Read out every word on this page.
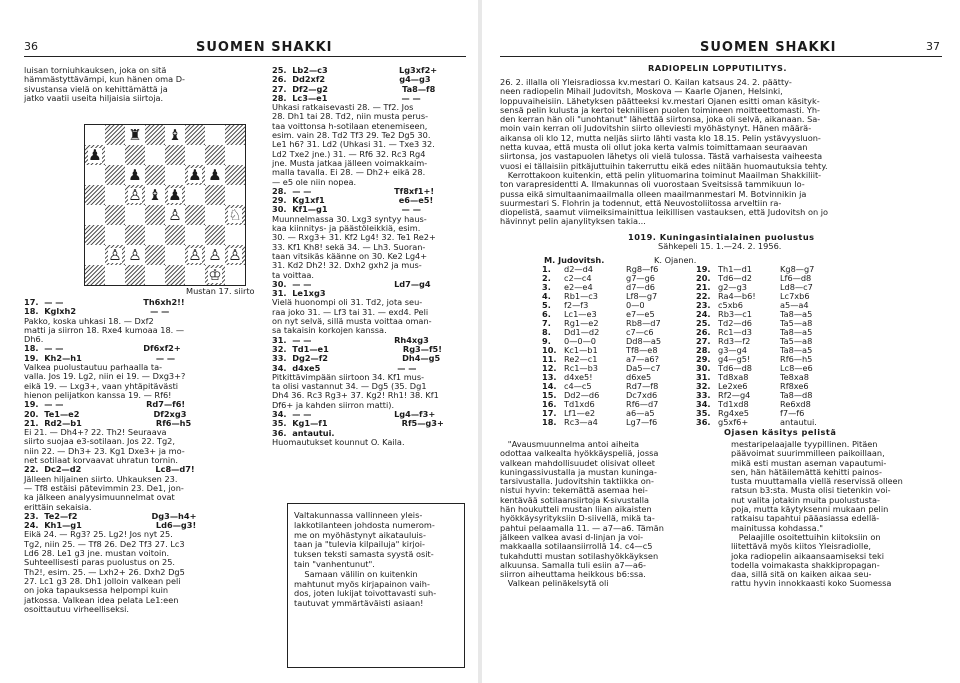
36	SUOMEN SHAKKI
luisan torniuhkauksen, joka on sitä
hämmästyttävämpi, kun hänen oma D-
sivustansa vielä on kehittämättä ja
jatko vaatii useita hiljaisia siirtoja.
♜ ♝
♟
♟	♟ ♟
♙ ♝ ♟
♙	♘
♙ ♙	♙ ♙ ♙
♔
Mustan 17. siirto
17.  — —                            Th6xh2!!
18.  Kglxh2                          — —
Pakko, koska uhkasi 18. — Dxf2
matti ja siirron 18. Rxe4 kumoaa 18. —
Dh6.
18.  — —                            Df6xf2+
19.  Kh2—h1                          — —
Valkea puolustautuu parhaalla ta-
valla. Jos 19. Lg2, niin ei 19. — Dxg3+?
eikä 19. — Lxg3+, vaan yhtäpitävästi
hienon pelijatkon kanssa 19. — Rf6!
19.  — —                             Rd7—f6!
20.  Te1—e2                          Df2xg3
21.  Rd2—b1                          Rf6—h5
Ei 21. — Dh4+? 22. Th2! Seuraava
siirto suojaa e3-sotilaan. Jos 22. Tg2,
niin 22. — Dh3+ 23. Kg1 Dxe3+ ja mo-
net sotilaat korvaavat uhratun tornin.
22.  Dc2—d2                          Lc8—d7!
Jälleen hiljainen siirto. Uhkauksen 23.
— Tf8 estäisi pätevimmin 23. De1, jon-
ka jälkeen analyysimuunnelmat ovat
erittäin sekaisia.
23.  Te2—f2                          Dg3—h4+
24.  Kh1—g1                          Ld6—g3!
Eikä 24. — Rg3? 25. Lg2! Jos nyt 25.
Tg2, niin 25. — Tf8 26. De2 Tf3 27. Lc3
Ld6 28. Le1 g3 jne. mustan voitoin.
Suhteellisesti paras puolustus on 25.
Th2!, esim. 25. — Lxh2+ 26. Dxh2 Dg5
27. Lc1 g3 28. Dh1 jolloin valkean peli
on joka tapauksessa helpompi kuin
jatkossa. Valkean idea pelata Le1:een
osoittautuu virheelliseksi.
25.  Lb2—c3                         Lg3xf2+
26.  Dd2xf2                          g4—g3
27.  Df2—g2                          Ta8—f8
28.  Lc3—e1                          — —
Uhkasi ratkaisevasti 28. — Tf2. Jos
28. Dh1 tai 28. Td2, niin musta perus-
taa voittonsa h-sotilaan etenemiseen,
esim. vain 28. Td2 Tf3 29. Te2 Dg5 30.
Le1 h6? 31. Ld2 (Uhkasi 31. — Txe3 32.
Ld2 Txe2 jne.) 31. — Rf6 32. Rc3 Rg4
jne. Musta jatkaa jälleen voimakkaim-
malla tavalla. Ei 28. — Dh2+ eikä 28.
— e5 ole niin nopea.
28.  — —                             Tf8xf1+!
29.  Kg1xf1                          e6—e5!
30.  Kf1—g1                          — —
Muunnelmassa 30. Lxg3 syntyy haus-
kaa kiinnitys- ja päästöleikkiä, esim.
30. — Rxg3+ 31. Kf2 Lg4! 32. Te1 Re2+
33. Kf1 Kh8! sekä 34. — Lh3. Suoran-
taan vitsikäs käänne on 30. Ke2 Lg4+
31. Kd2 Dh2! 32. Dxh2 gxh2 ja mus-
ta voittaa.
30.  — —                             Ld7—g4
31.  Le1xg3
Vielä huonompi oli 31. Td2, jota seu-
raa joko 31. — Lf3 tai 31. — exd4. Peli
on nyt selvä, sillä musta voittaa oman-
sa takaisin korkojen kanssa.
31.  — —                             Rh4xg3
32.  Td1—e1                          Rg3—f5!
33.  Dg2—f2                          Dh4—g5
34.  d4xe5                           — —
Pitkittävimpään siirtoon 34. Kf1 mus-
ta olisi vastannut 34. — Dg5 (35. Dg1
Dh4 36. Rc3 Rg3+ 37. Kg2! Rh1! 38. Kf1
Df6+ ja kahden siirron matti).
34.  — —                             Lg4—f3+
35.  Kg1—f1                          Rf5—g3+
36.  antautui.
Huomautukset kounnut O. Kaila.
Valtakunnassa vallinneen yleis-
lakkotilanteen johdosta numerom-
me on myöhästynyt aikatauluis-
taan ja "tulevia kilpailuja" kirjoi-
tuksen teksti samasta syystä osit-
tain "vanhentunut".
Samaan välilin on kuitenkin
mahtunut myös kirjapainon vaih-
dos, joten lukijat toivottavasti suh-
tautuvat ymmärtäväisti asiaan!
SUOMEN SHAKKI	37
RADIOPELIN LOPPUTILITYS.
26. 2. illalla oli Yleisradiossa kv.mestari O. Kailan katsaus 24. 2. päätty-
neen radiopelin Mihail Judovitsh, Moskova — Kaarle Ojanen, Helsinki,
loppuvaiheisiin. Lähetyksen päätteeksi kv.mestari Ojanen esitti oman käsityk-
sensä pelin kulusta ja kertoi tekniilisen puolen toimineen moitteettomasti. Yh-
den kerran hän oli "unohtanut" lähettää siirtonsa, joka oli selvä, aikanaan. Sa-
moin vain kerran oli Judovitshin siirto olleviesti myöhästynyt. Hänen määrä-
aikansa oli klo 12, mutta neljäs siirto lähti vasta klo 18.15. Pelin ystävyysluon-
netta kuvaa, että musta oli ollut joka kerta valmis toimittamaan seuraavan
siirtonsa, jos vastapuolen lähetys oli vielä tulossa. Tästä varhaisesta vaiheesta
vuosi ei tällaisiin pitkäjuttuihin takerruttu eikä edes niitään huomautuksia tehty.
Kerrottakoon kuitenkin, että pelin ylituomarina toiminut Maailman Shakkiliit-
ton varapresidentti A. Ilmakunnas oli vuorostaan Sveitsissä tammikuun lo-
pussa eikä simultaanimaailmalla olleen maailmanmestari M. Botvinnikin ja
suurmestari S. Flohrin ja todennut, että Neuvostoliitossa arveltiin ra-
diopelistä, saamut viimeiksimainittua leikillisen vastauksen, että Judovitsh on jo
hävinnyt pelin ajanylityksen takia...
1019. Kuningasintialainen puolustus
Sähkepeli 15. 1.—24. 2. 1956.
M. Judovitsh.	K. Ojanen.
1.	d2—d4	Rg8—f6	19.	Th1—d1	Kg8—g7
2.	c2—c4	g7—g6	20.	Td6—d2	Lf6—d8
3.	e2—e4	d7—d6	21.	g2—g3	Ld8—c7
4.	Rb1—c3	Lf8—g7	22.	Ra4—b6!	Lc7xb6
5.	f2—f3	0—0	23.	c5xb6	a5—a4
6.	Lc1—e3	e7—e5	24.	Rb3—c1	Ta8—a5
7.	Rg1—e2	Rb8—d7	25.	Td2—d6	Ta5—a8
8.	Dd1—d2	c7—c6	26.	Rc1—d3	Ta8—a5
9.	0—0—0	Dd8—a5	27.	Rd3—f2	Ta5—a8
10.	Kc1—b1	Tf8—e8	28.	g3—g4	Ta8—a5
11.	Re2—c1	a7—a6?	29.	g4—g5!	Rf6—h5
12.	Rc1—b3	Da5—c7	30.	Td6—d8	Lc8—e6
13.	d4xe5!	d6xe5	31.	Td8xa8	Te8xa8
14.	c4—c5	Rd7—f8	32.	Le2xe6	Rf8xe6
15.	Dd2—d6	Dc7xd6	33.	Rf2—g4	Ta8—d8
16.	Td1xd6	Rf6—d7	34.	Td1xd8	Re6xd8
17.	Lf1—e2	a6—a5	35.	Rg4xe5	f7—f6
18.	Rc3—a4	Lg7—f6	36.	g5xf6+	antautui.
Ojasen käsitys pelistä
"Avausmuunnelma antoi aiheita
odottaa valkealta hyökkäyspeliä, jossa
valkean mahdollisuudet olisivat olleet
kuningassivustalla ja mustan kuninga-
tarsivustalla. Judovitshin taktiikka on-
nistui hyvin: tekemättä asemaa hei-
kentävää sotilaansiirtoja K-sivustalla
hän houkutteli mustan liian aikaisten
hyökkäysyrityksiin D-siivellä, mikä ta-
pahtui pelaamalla 11. — a7—a6. Tämän
jälkeen valkea avasi d-linjan ja voi-
makkaalla sotilaansiirrollä 14. c4—c5
tukahdutti mustan sotilashyökkäyksen
alkuunsa. Samalla tuli esiin a7—a6-
siirron aiheuttama heikkous b6:ssa.
Valkean pelinäkelsytä oli
mestaripelaajalle tyypillinen. Pitäen
päävoimat suurimmilleen paikoillaan,
mikä esti mustan aseman vapautumi-
sen, hän hätäilemättä kehitti painos-
tusta muuttamalla viellä reservissä olleen
ratsun b3:sta. Musta olisi tietenkin voi-
nut valita jotakin muita puolustusta-
poja, mutta käytyksenni mukaan pelin
ratkaisu tapahtui pääasiassa edellä-
mainitussa kohdassa."
Pelaajille osoitettuihin kiitoksiin on
liitettävä myös kiitos Yleisradiolle,
joka radiopelin aikaansaamiseksi teki
todella voimakasta shakkipropagan-
daa, sillä sitä on kaiken aikaa seu-
rattu hyvin innokkaasti koko Suomessa
